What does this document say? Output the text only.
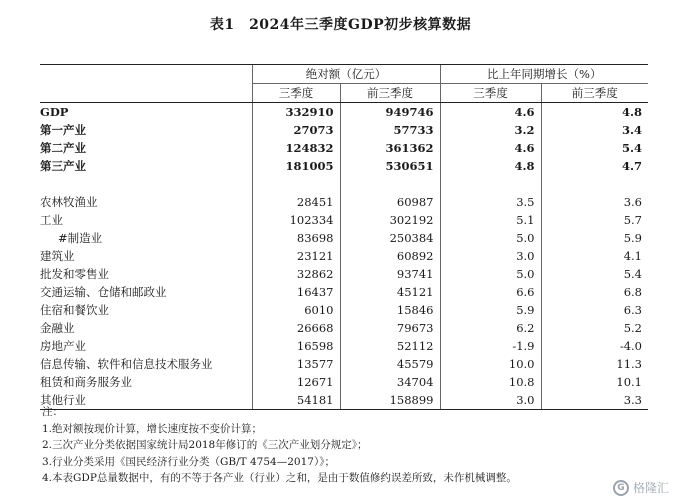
表1　2024年三季度GDP初步核算数据
	绝对额（亿元）		比上年同期增长（%）	
	三季度	前三季度	三季度	前三季度
GDP	332910	949746	4.6	4.8
第一产业	27073	57733	3.2	3.4
第二产业	124832	361362	4.6	5.4
第三产业	181005	530651	4.8	4.7

农林牧渔业	28451	60987	3.5	3.6
工业	102334	302192	5.1	5.7
#制造业	83698	250384	5.0	5.9
建筑业	23121	60892	3.0	4.1
批发和零售业	32862	93741	5.0	5.4
交通运输、仓储和邮政业	16437	45121	6.6	6.8
住宿和餐饮业	6010	15846	5.9	6.3
金融业	26668	79673	6.2	5.2
房地产业	16598	52112	-1.9	-4.0
信息传输、软件和信息技术服务业	13577	45579	10.0	11.3
租赁和商务服务业	12671	34704	10.8	10.1
其他行业	54181	158899	3.0	3.3
注：
1.绝对额按现价计算，增长速度按不变价计算；
2.三次产业分类依据国家统计局2018年修订的《三次产业划分规定》；
3.行业分类采用《国民经济行业分类（GB/T 4754—2017）》；
4.本表GDP总量数据中，有的不等于各产业（行业）之和，是由于数值修约误差所致，未作机械调整。
G 格隆汇
